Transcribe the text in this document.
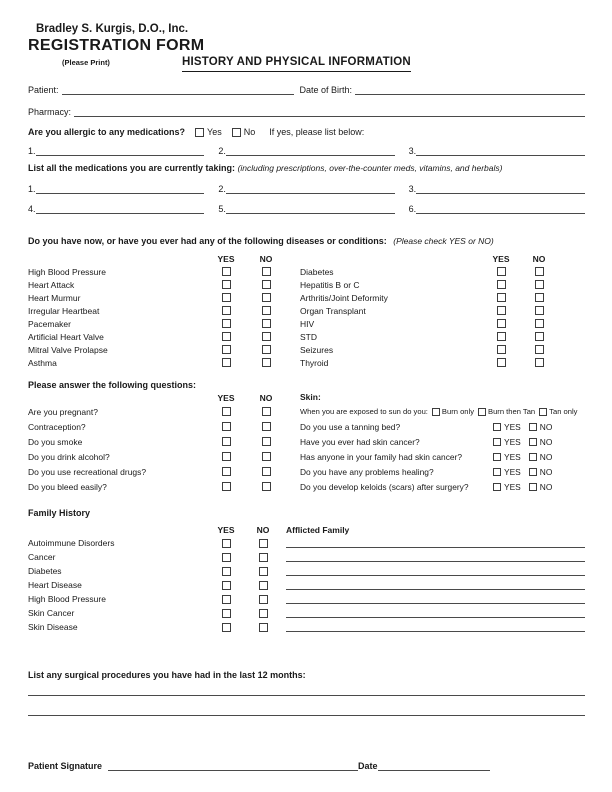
Bradley S. Kurgis, D.O., Inc.
REGISTRATION FORM
(Please Print)	HISTORY AND PHYSICAL INFORMATION
Patient:	Date of Birth:
Pharmacy:
Are you allergic to any medications? Yes No If yes, please list below:
1.	2.	3.
List all the medications you are currently taking: (including prescriptions, over-the-counter meds, vitamins, and herbals)
1.	2.	3.
4.	5.	6.
Do you have now, or have you ever had any of the following diseases or conditions: (Please check YES or NO)
YES	NO
High Blood Pressure
Heart Attack
Heart Murmur
Irregular Heartbeat
Pacemaker
Artificial Heart Valve
Mitral Valve Prolapse
Asthma
YES	NO
Diabetes
Hepatitis B or C
Arthritis/Joint Deformity
Organ Transplant
HIV
STD
Seizures
Thyroid
Please answer the following questions:
YES	NO
Are you pregnant?
Contraception?
Do you smoke
Do you drink alcohol?
Do you use recreational drugs?
Do you bleed easily?
Skin:
When you are exposed to sun do you: Burn only Burn then Tan Tan only
Do you use a tanning bed?	YES NO
Have you ever had skin cancer?	YES NO
Has anyone in your family had skin cancer?	YES NO
Do you have any problems healing?	YES NO
Do you develop keloids (scars) after surgery?	YES NO
Family History
YES	NO	Afflicted Family
Autoimmune Disorders
Cancer
Diabetes
Heart Disease
High Blood Pressure
Skin Cancer
Skin Disease
List any surgical procedures you have had in the last 12 months:
Patient Signature	Date
